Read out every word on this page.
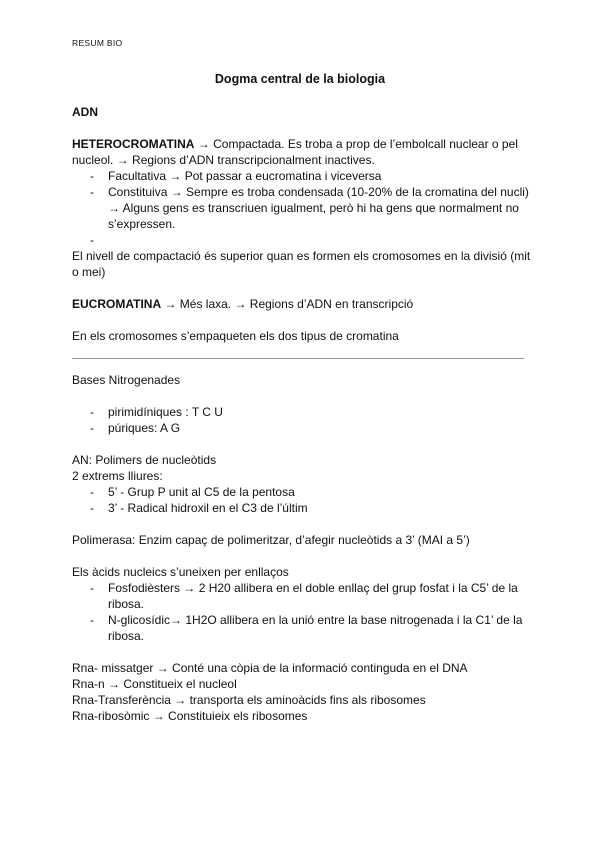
RESUM BIO
Dogma central de la biologia

ADN

HETEROCROMATINA → Compactada. Es troba a prop de l’embolcall nuclear o pel nucleol. → Regions d’ADN transcripcionalment inactives.

- Facultativa → Pot passar a eucromatina i viceversa
- Constituiva → Sempre es troba condensada (10-20% de la cromatina del nucli) → Alguns gens es transcriuen igualment, però hi ha gens que normalment no s’expressen.
-

El nivell de compactació és superior quan es formen els cromosomes en la divisió (mit o mei)

EUCROMATINA → Més laxa. → Regions d’ADN en transcripció

En els cromosomes s’empaqueten els dos tipus de cromatina

Bases Nitrogenades

- pirimidíniques : T C U
- púriques: A G

AN: Polimers de nucleòtids

2 extrems lliures:

- 5’ - Grup P unit al C5 de la pentosa
- 3’ - Radical hidroxil en el C3 de l’últim

Polimerasa: Enzim capaç de polimeritzar, d’afegir nucleòtids a 3’ (MAI a 5’)

Els àcids nucleics s’uneixen per enllaços

- Fosfodièsters → 2 H20 allibera en el doble enllaç del grup fosfat i la C5’ de la ribosa.
- N-glicosídic→ 1H2O allibera en la unió entre la base nitrogenada i la C1’ de la ribosa.

Rna- missatger → Conté una còpia de la informació continguda en el DNA

Rna-n → Constitueix el nucleol

Rna-Transferència → transporta els aminoàcids fins als ribosomes

Rna-ribosòmic → Constituieix els ribosomes
